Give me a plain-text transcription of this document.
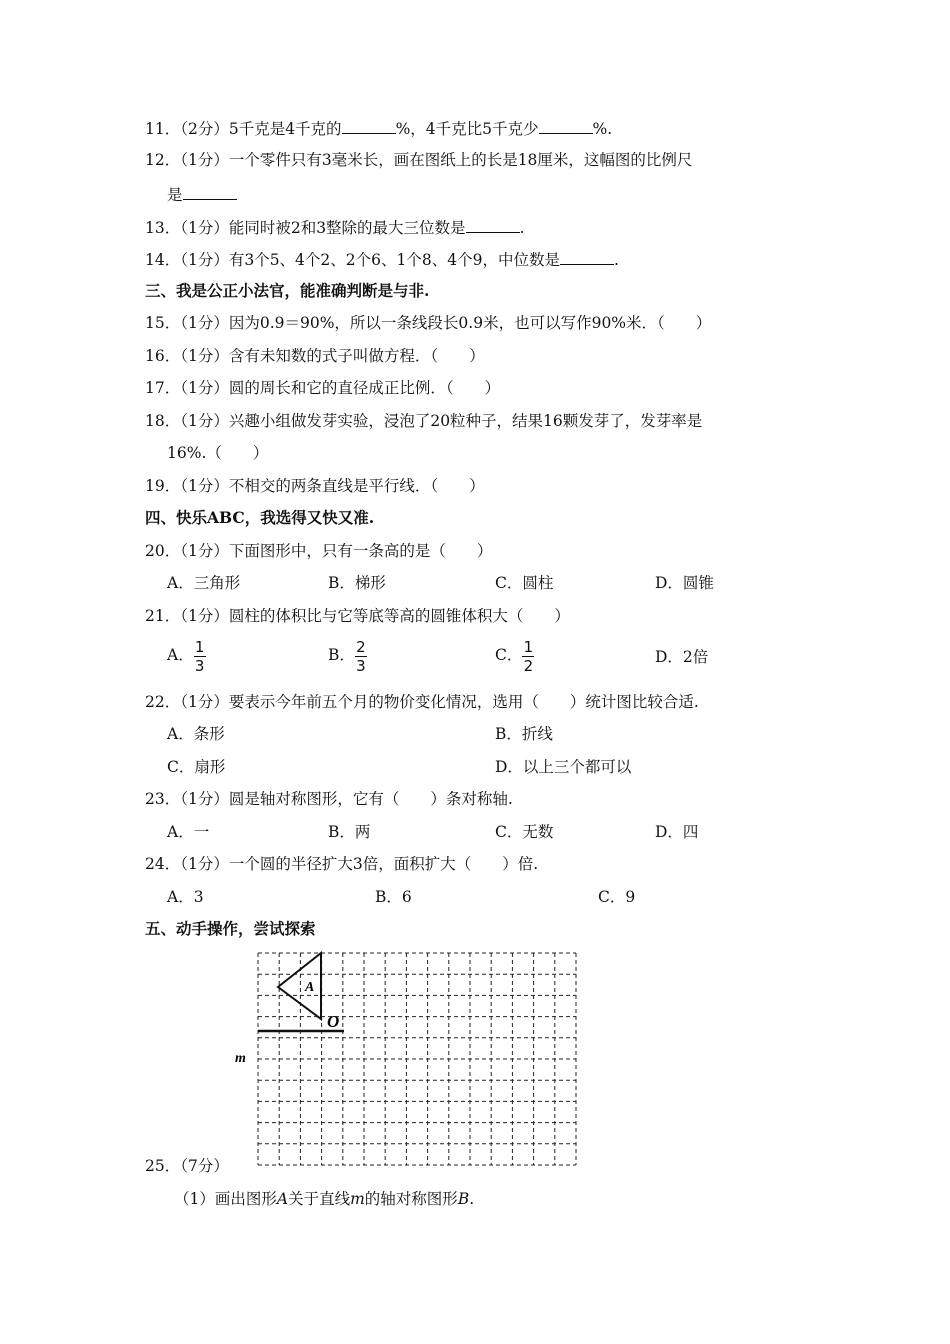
11．（2分）5千克是4千克的	%，4千克比5千克少	%.
12．（1分）一个零件只有3毫米长，画在图纸上的长是18厘米，这幅图的比例尺
是
13．（1分）能同时被2和3整除的最大三位数是	.
14．（1分）有3个5、4个2、2个6、1个8、4个9，中位数是	.
三、我是公正小法官，能准确判断是与非.
15．（1分）因为0.9＝90%，所以一条线段长0.9米，也可以写作90%米．（　　）
16．（1分）含有未知数的式子叫做方程．（　　）
17．（1分）圆的周长和它的直径成正比例．（　　）
18．（1分）兴趣小组做发芽实验，浸泡了20粒种子，结果16颗发芽了，发芽率是
16%.（　　）
19．（1分）不相交的两条直线是平行线．（　　）
四、快乐ABC，我选得又快又准.
20．（1分）下面图形中，只有一条高的是（　　）
A．三角形	B．梯形	C．圆柱	D．圆锥
21．（1分）圆柱的体积比与它等底等高的圆锥体积大（　　）
A． $\frac{1}{3}$	B． $\frac{2}{3}$	C． $\frac{1}{2}$	D．2倍
22．（1分）要表示今年前五个月的物价变化情况，选用（　　）统计图比较合适.
A．条形	B．折线
C．扇形	D．以上三个都可以
23．（1分）圆是轴对称图形，它有（　　）条对称轴.
A．一	B．两	C．无数	D．四
24．（1分）一个圆的半径扩大3倍，面积扩大（　　）倍.
A．3	B．6	C．9
五、动手操作，尝试探索
A
O
m
25．（7分）
（1）画出图形A关于直线m的轴对称图形B.
